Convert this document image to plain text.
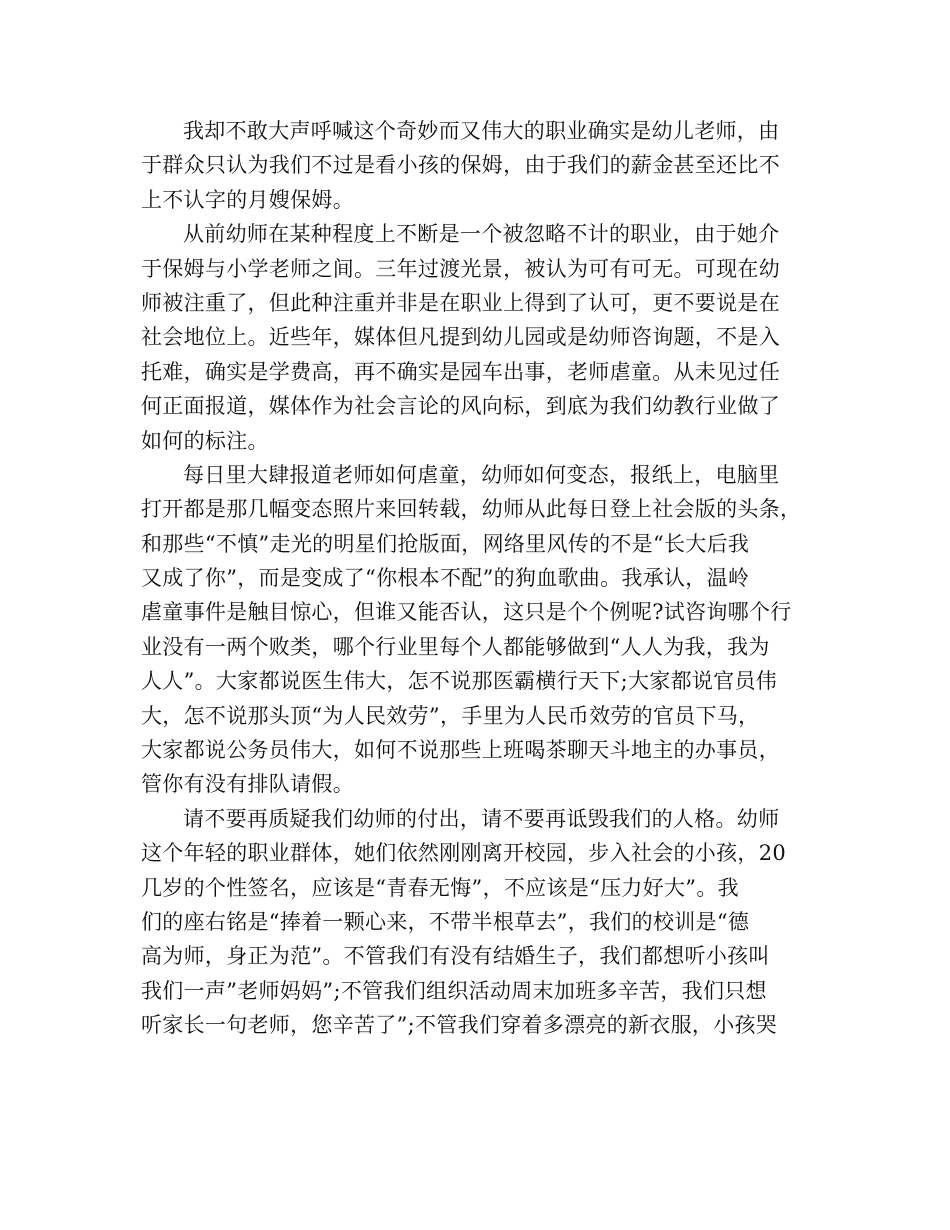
我却不敢大声呼喊这个奇妙而又伟大的职业确实是幼儿老师，由
于群众只认为我们不过是看小孩的保姆，由于我们的薪金甚至还比不
上不认字的月嫂保姆。
从前幼师在某种程度上不断是一个被忽略不计的职业，由于她介
于保姆与小学老师之间。三年过渡光景，被认为可有可无。可现在幼
师被注重了，但此种注重并非是在职业上得到了认可，更不要说是在
社会地位上。近些年，媒体但凡提到幼儿园或是幼师咨询题，不是入
托难，确实是学费高，再不确实是园车出事，老师虐童。从未见过任
何正面报道，媒体作为社会言论的风向标，到底为我们幼教行业做了
如何的标注。
每日里大肆报道老师如何虐童，幼师如何变态，报纸上，电脑里
打开都是那几幅变态照片来回转载，幼师从此每日登上社会版的头条，
和那些“不慎”走光的明星们抢版面，网络里风传的不是“长大后我
又成了你”，而是变成了“你根本不配”的狗血歌曲。我承认，温岭
虐童事件是触目惊心，但谁又能否认，这只是个个例呢?试咨询哪个行
业没有一两个败类，哪个行业里每个人都能够做到“人人为我，我为
人人”。大家都说医生伟大，怎不说那医霸横行天下;大家都说官员伟
大，怎不说那头顶“为人民效劳”，手里为人民币效劳的官员下马，
大家都说公务员伟大，如何不说那些上班喝茶聊天斗地主的办事员，
管你有没有排队请假。
请不要再质疑我们幼师的付出，请不要再诋毁我们的人格。幼师
这个年轻的职业群体，她们依然刚刚离开校园，步入社会的小孩，20
几岁的个性签名，应该是“青春无悔”，不应该是“压力好大”。我
们的座右铭是“捧着一颗心来，不带半根草去”，我们的校训是“德
高为师，身正为范”。不管我们有没有结婚生子，我们都想听小孩叫
我们一声”老师妈妈”;不管我们组织活动周末加班多辛苦，我们只想
听家长一句老师，您辛苦了”;不管我们穿着多漂亮的新衣服，小孩哭
